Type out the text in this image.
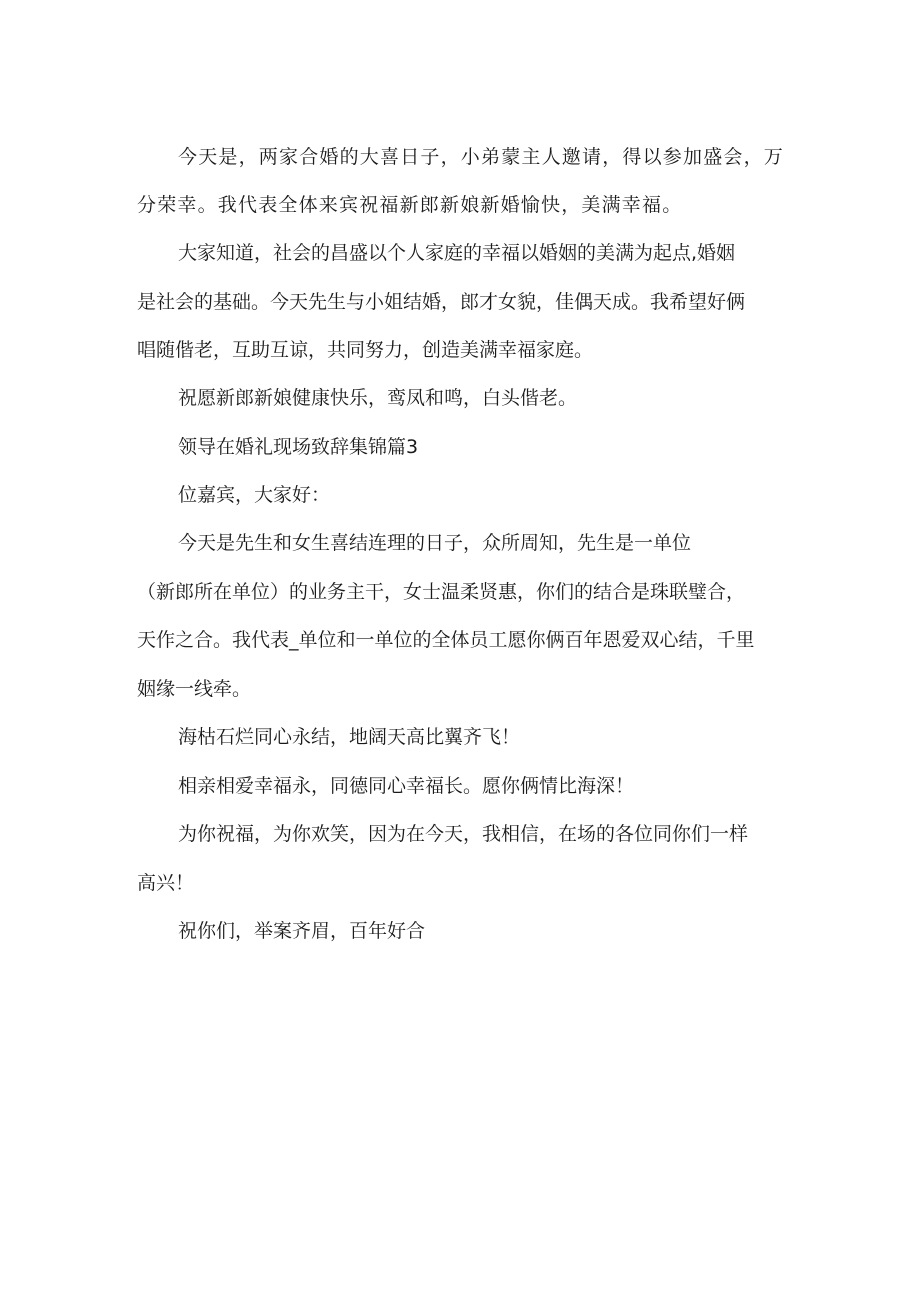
今天是，两家合婚的大喜日子，小弟蒙主人邀请，得以参加盛会，万
分荣幸。我代表全体来宾祝福新郎新娘新婚愉快，美满幸福。
大家知道，社会的昌盛以个人家庭的幸福以婚姻的美满为起点,婚姻
是社会的基础。今天先生与小姐结婚，郎才女貌，佳偶天成。我希望好俩
唱随偕老，互助互谅，共同努力，创造美满幸福家庭。
祝愿新郎新娘健康快乐，鸾凤和鸣，白头偕老。
领导在婚礼现场致辞集锦篇3
位嘉宾，大家好：
今天是先生和女生喜结连理的日子，众所周知，先生是一单位
（新郎所在单位）的业务主干，女士温柔贤惠，你们的结合是珠联璧合，
天作之合。我代表_单位和一单位的全体员工愿你俩百年恩爱双心结，千里
姻缘一线牵。
海枯石烂同心永结，地阔天高比翼齐飞！
相亲相爱幸福永，同德同心幸福长。愿你俩情比海深！
为你祝福，为你欢笑，因为在今天，我相信，在场的各位同你们一样
高兴！
祝你们，举案齐眉，百年好合
